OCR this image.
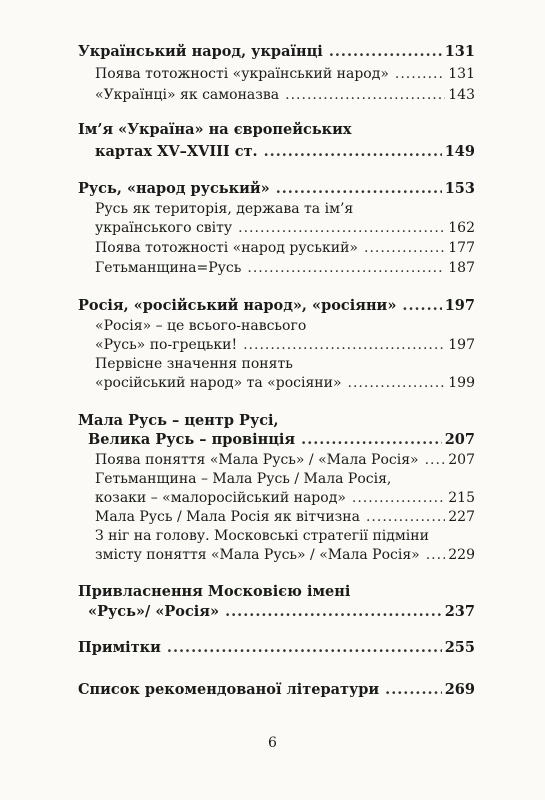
Український народ, українці .....	131
Поява тотожності «український народ» .....	131
«Українці» як самоназва .....	143
Ім’я «Україна» на європейських
картах XV–XVIII ст. .....	149
Русь, «народ руський» .....	153
Русь як територія, держава та ім’я
українського світу .....	162
Поява тотожності «народ руський» .....	177
Гетьманщина=Русь .....	187
Росія, «російський народ», «росіяни» .....	197
«Росія» – це всього-навсього
«Русь» по-грецьки! .....	197
Первісне значення понять
«російський народ» та «росіяни» .....	199
Мала Русь – центр Русі,
Велика Русь – провінція .....	207
Поява поняття «Мала Русь» / «Мала Росія» ..... 207
Гетьманщина – Мала Русь / Мала Росія,
козаки – «малоросійський народ» .....	215
Мала Русь / Мала Росія як вітчизна .....	227
З ніг на голову. Московські стратегії підміни
змісту поняття «Мала Русь» / «Мала Росія» ..... 229
Привласнення Московією імені
«Русь»/ «Росія» .....	237
Примітки .....	255
Список рекомендованої літератури .....	269
6
